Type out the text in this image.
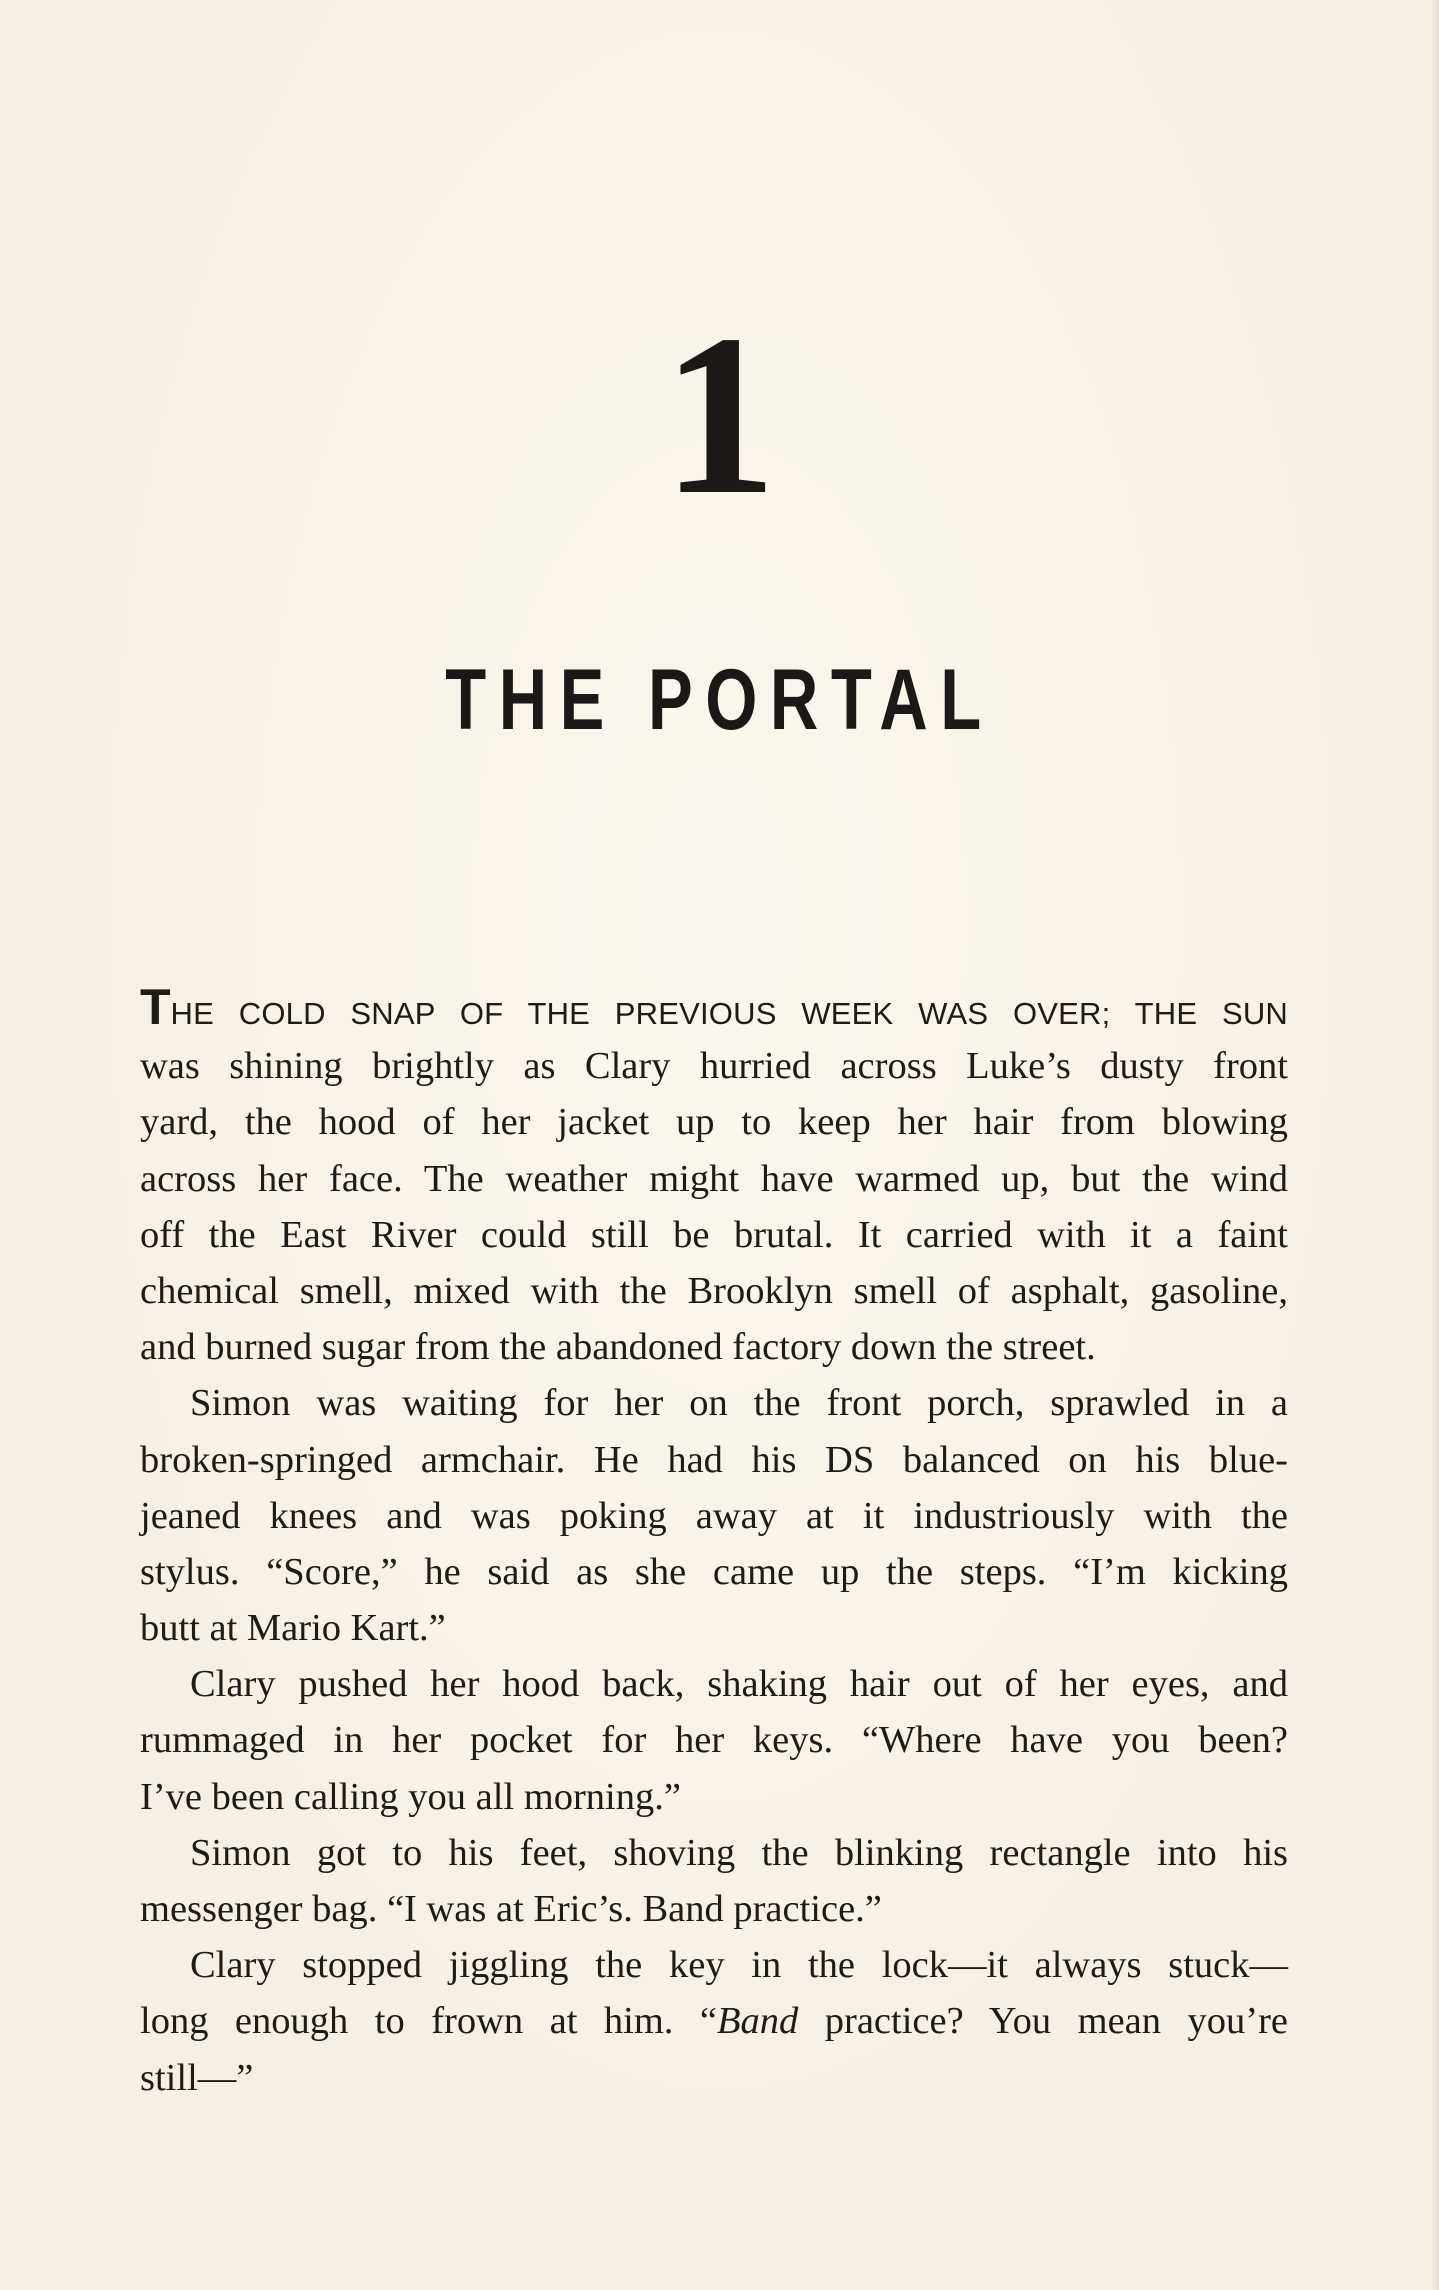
1
THE PORTAL
THE COLD SNAP OF THE PREVIOUS WEEK WAS OVER; THE SUN
was shining brightly as Clary hurried across Luke’s dusty front
yard, the hood of her jacket up to keep her hair from blowing
across her face. The weather might have warmed up, but the wind
off the East River could still be brutal. It carried with it a faint
chemical smell, mixed with the Brooklyn smell of asphalt, gasoline,
and burned sugar from the abandoned factory down the street.
Simon was waiting for her on the front porch, sprawled in a
broken-springed armchair. He had his DS balanced on his blue-
jeaned knees and was poking away at it industriously with the
stylus. “Score,” he said as she came up the steps. “I’m kicking
butt at Mario Kart.”
Clary pushed her hood back, shaking hair out of her eyes, and
rummaged in her pocket for her keys. “Where have you been?
I’ve been calling you all morning.”
Simon got to his feet, shoving the blinking rectangle into his
messenger bag. “I was at Eric’s. Band practice.”
Clary stopped jiggling the key in the lock—it always stuck—
long enough to frown at him. “Band practice? You mean you’re
still—”
